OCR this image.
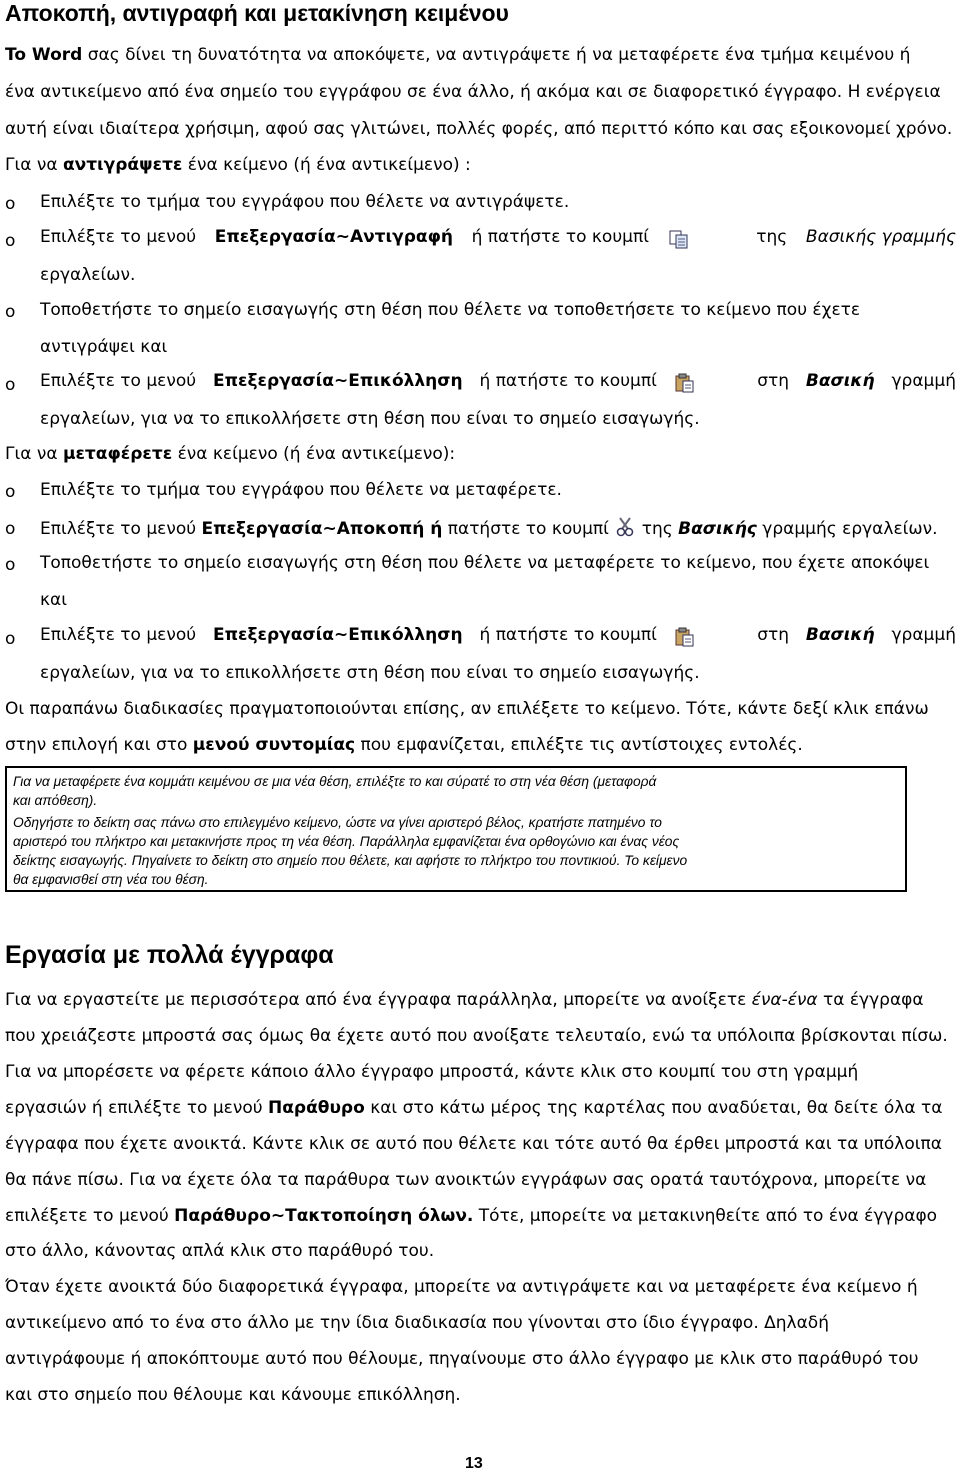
Αποκοπή, αντιγραφή και μετακίνηση κειμένου
To Word σας δίνει τη δυνατότητα να αποκόψετε, να αντιγράψετε ή να μεταφέρετε ένα τμήμα κειμένου ή
ένα αντικείμενο από ένα σημείο του εγγράφου σε ένα άλλο, ή ακόμα και σε διαφορετικό έγγραφο. Η ενέργεια
αυτή είναι ιδιαίτερα χρήσιμη, αφού σας γλιτώνει, πολλές φορές, από περιττό κόπο και σας εξοικονομεί χρόνο.
Για να αντιγράψετε ένα κείμενο (ή ένα αντικείμενο) :
o Επιλέξτε το τμήμα του εγγράφου που θέλετε να αντιγράψετε.
o Επιλέξτε το μενού Επεξεργασία~Αντιγραφή ή πατήστε το κουμπί

	της Βασικής γραμμής
εργαλείων.
o Τοποθετήστε το σημείο εισαγωγής στη θέση που θέλετε να τοποθετήσετε το κείμενο που έχετε
αντιγράψει και
o Επιλέξτε το μενού Επεξεργασία~Επικόλληση ή πατήστε το κουμπί

	στη Βασική γραμμή
εργαλείων, για να το επικολλήσετε στη θέση που είναι το σημείο εισαγωγής.
Για να μεταφέρετε ένα κείμενο (ή ένα αντικείμενο):
o Επιλέξτε το τμήμα του εγγράφου που θέλετε να μεταφέρετε.
o Επιλέξτε το μενού Επεξεργασία~Αποκοπή ή πατήστε το κουμπί της Βασικής γραμμής εργαλείων.
o Τοποθετήστε το σημείο εισαγωγής στη θέση που θέλετε να μεταφέρετε το κείμενο, που έχετε αποκόψει
και
o Επιλέξτε το μενού Επεξεργασία~Επικόλληση ή πατήστε το κουμπί

	στη Βασική γραμμή
εργαλείων, για να το επικολλήσετε στη θέση που είναι το σημείο εισαγωγής.
Οι παραπάνω διαδικασίες πραγματοποιούνται επίσης, αν επιλέξετε το κείμενο. Τότε, κάντε δεξί κλικ επάνω
στην επιλογή και στο μενού συντομίας που εμφανίζεται, επιλέξτε τις αντίστοιχες εντολές.
Για να μεταφέρετε ένα κομμάτι κειμένου σε μια νέα θέση, επιλέξτε το και σύρατέ το στη νέα θέση (μεταφορά
και απόθεση).
Οδηγήστε το δείκτη σας πάνω στο επιλεγμένο κείμενο, ώστε να γίνει αριστερό βέλος, κρατήστε πατημένο το
αριστερό του πλήκτρο και μετακινήστε προς τη νέα θέση. Παράλληλα εμφανίζεται ένα ορθογώνιο και ένας νέος
δείκτης εισαγωγής. Πηγαίνετε το δείκτη στο σημείο που θέλετε, και αφήστε το πλήκτρο του ποντικιού. Το κείμενο
θα εμφανισθεί στη νέα του θέση.
Εργασία με πολλά έγγραφα
Για να εργαστείτε με περισσότερα από ένα έγγραφα παράλληλα, μπορείτε να ανοίξετε ένα-ένα τα έγγραφα
που χρειάζεστε μπροστά σας όμως θα έχετε αυτό που ανοίξατε τελευταίο, ενώ τα υπόλοιπα βρίσκονται πίσω.
Για να μπορέσετε να φέρετε κάποιο άλλο έγγραφο μπροστά, κάντε κλικ στο κουμπί του στη γραμμή
εργασιών ή επιλέξτε το μενού Παράθυρο και στο κάτω μέρος της καρτέλας που αναδύεται, θα δείτε όλα τα
έγγραφα που έχετε ανοικτά. Κάντε κλικ σε αυτό που θέλετε και τότε αυτό θα έρθει μπροστά και τα υπόλοιπα
θα πάνε πίσω. Για να έχετε όλα τα παράθυρα των ανοικτών εγγράφων σας ορατά ταυτόχρονα, μπορείτε να
επιλέξετε το μενού Παράθυρο~Τακτοποίηση όλων. Τότε, μπορείτε να μετακινηθείτε από το ένα έγγραφο
στο άλλο, κάνοντας απλά κλικ στο παράθυρό του.
Όταν έχετε ανοικτά δύο διαφορετικά έγγραφα, μπορείτε να αντιγράψετε και να μεταφέρετε ένα κείμενο ή
αντικείμενο από το ένα στο άλλο με την ίδια διαδικασία που γίνονται στο ίδιο έγγραφο. Δηλαδή
αντιγράφουμε ή αποκόπτουμε αυτό που θέλουμε, πηγαίνουμε στο άλλο έγγραφο με κλικ στο παράθυρό του
και στο σημείο που θέλουμε και κάνουμε επικόλληση.
13
